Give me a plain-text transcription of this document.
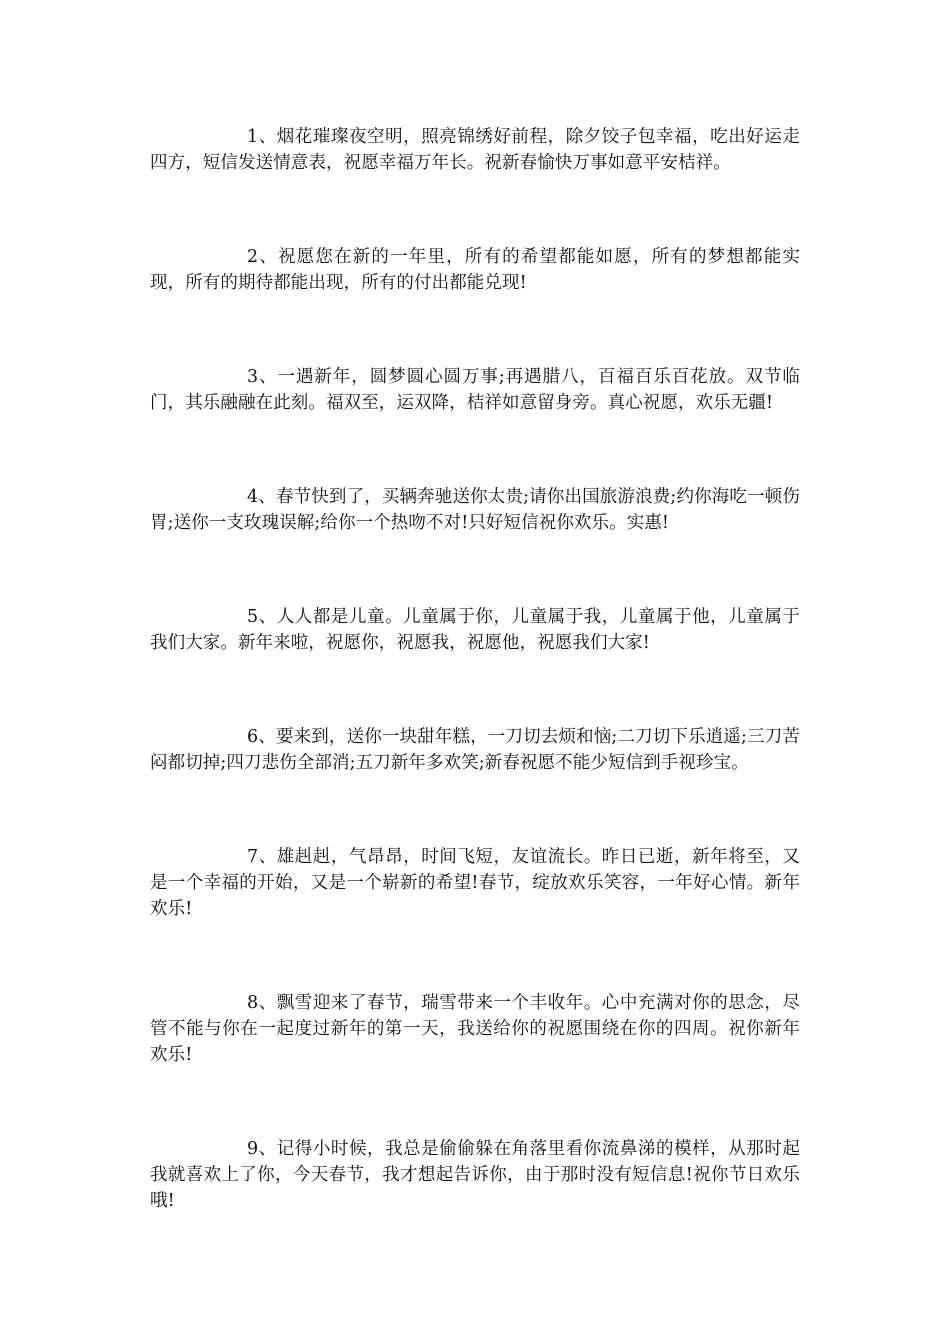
1、烟花璀璨夜空明，照亮锦绣好前程，除夕饺子包幸福，吃出好运走四方，短信发送情意表，祝愿幸福万年长。祝新春愉快万事如意平安桔祥。

2、祝愿您在新的一年里，所有的希望都能如愿，所有的梦想都能实现，所有的期待都能出现，所有的付出都能兑现!

3、一遇新年，圆梦圆心圆万事;再遇腊八，百福百乐百花放。双节临门，其乐融融在此刻。福双至，运双降，桔祥如意留身旁。真心祝愿，欢乐无疆!

4、春节快到了，买辆奔驰送你太贵;请你出国旅游浪费;约你海吃一顿伤胃;送你一支玫瑰误解;给你一个热吻不对!只好短信祝你欢乐。实惠!

5、人人都是儿童。儿童属于你，儿童属于我，儿童属于他，儿童属于我们大家。新年来啦，祝愿你，祝愿我，祝愿他，祝愿我们大家!

6、要来到，送你一块甜年糕，一刀切去烦和恼;二刀切下乐逍遥;三刀苦闷都切掉;四刀悲伤全部消;五刀新年多欢笑;新春祝愿不能少短信到手视珍宝。

7、雄赳赳，气昂昂，时间飞短，友谊流长。昨日已逝，新年将至，又是一个幸福的开始，又是一个崭新的希望!春节，绽放欢乐笑容，一年好心情。新年欢乐!

8、飘雪迎来了春节，瑞雪带来一个丰收年。心中充满对你的思念，尽管不能与你在一起度过新年的第一天，我送给你的祝愿围绕在你的四周。祝你新年欢乐!

9、记得小时候，我总是偷偷躲在角落里看你流鼻涕的模样，从那时起我就喜欢上了你，今天春节，我才想起告诉你，由于那时没有短信息!祝你节日欢乐哦!
